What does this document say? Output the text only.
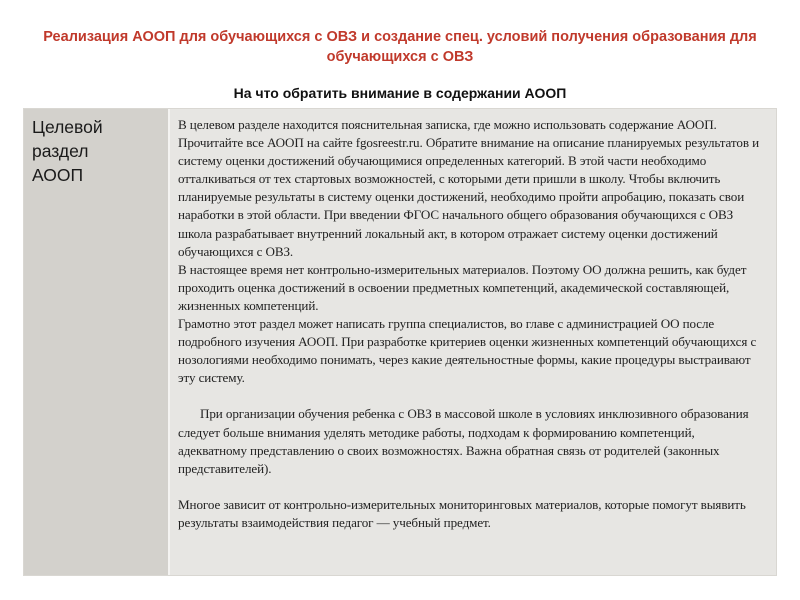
Реализация АООП для обучающихся с ОВЗ и создание спец. условий получения образования для обучающихся с ОВЗ
На что обратить внимание в содержании АООП
Целевой
раздел
АООП

В целевом разделе находится пояснительная записка, где можно использовать содержание АООП. Прочитайте все АООП на сайте fgosreestr.ru. Обратите внимание на описание планируемых результатов и систему оценки достижений обучающимися определенных категорий. В этой части необходимо отталкиваться от тех стартовых возможностей, с которыми дети пришли в школу. Чтобы включить планируемые результаты в систему оценки достижений, необходимо пройти апробацию, показать свои наработки в этой области. При введении ФГОС начального общего образования обучающихся с ОВЗ школа разрабатывает внутренний локальный акт, в котором отражает систему оценки достижений обучающихся с ОВЗ.

В настоящее время нет контрольно-измерительных материалов. Поэтому ОО должна решить, как будет проходить оценка достижений в освоении предметных компетенций, академической составляющей, жизненных компетенций.

Грамотно этот раздел может написать группа специалистов, во главе с администрацией ОО после подробного изучения АООП. При разработке критериев оценки жизненных компетенций обучающихся с нозологиями необходимо понимать, через какие деятельностные формы, какие процедуры выстраивают эту систему.

При организации обучения ребенка с ОВЗ в массовой школе в условиях инклюзивного образования следует больше внимания уделять методике работы, подходам к формированию компетенций, адекватному представлению о своих возможностях. Важна обратная связь от родителей (законных представителей).

Многое зависит от контрольно-измерительных мониторинговых материалов, которые помогут выявить результаты взаимодействия педагог — учебный предмет.
